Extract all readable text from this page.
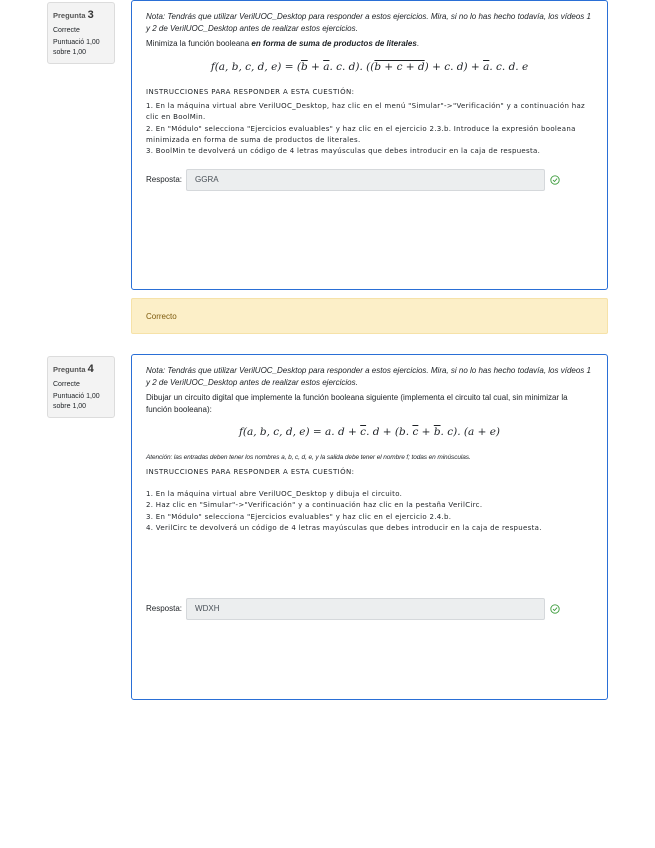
Pregunta 3
Correcte
Puntuació 1,00
sobre 1,00

Nota: Tendrás que utilizar VerilUOC_Desktop para responder a estos ejercicios. Mira, si no lo has hecho todavía, los vídeos 1 y 2 de VerilUOC_Desktop antes de realizar estos ejercicios.

Minimiza la función booleana en forma de suma de productos de literales.

f(a, b, c, d, $e) = (\overline{b} + \overline{a}$. c. d). ((b + c + d) + c. $d) + \overline{a}$. c. d. e
INSTRUCCIONES PARA RESPONDER A ESTA CUESTIÓN:
1. En la máquina virtual abre VerilUOC_Desktop, haz clic en el menú "Simular"->"Verificación" y a continuación haz clic en BoolMin.
2. En "Módulo" selecciona "Ejercicios evaluables" y haz clic en el ejercicio 2.3.b. Introduce la expresión booleana minimizada en forma de suma de productos de literales.
3. BoolMin te devolverá un código de 4 letras mayúsculas que debes introducir en la caja de respuesta.
Resposta:	GGRA
Correcto
Pregunta 4
Correcte
Puntuació 1,00
sobre 1,00

Nota: Tendrás que utilizar VerilUOC_Desktop para responder a estos ejercicios. Mira, si no lo has hecho todavía, los vídeos 1 y 2 de VerilUOC_Desktop antes de realizar estos ejercicios.

Dibujar un circuito digital que implemente la función booleana siguiente (implementa el circuito tal cual, sin minimizar la función booleana):

f(a, b, c, d, e) = a. $d + \overline{c}$. d + (b. $\overline{c} + \overline{b}$. c). (a + e)

Atención: las entradas deben tener los nombres a, b, c, d, e, y la salida debe tener el nombre f; todas en minúsculas.

INSTRUCCIONES PARA RESPONDER A ESTA CUESTIÓN:
1. En la máquina virtual abre VerilUOC_Desktop y dibuja el circuito.
2. Haz clic en "Simular"->"Verificación" y a continuación haz clic en la pestaña VerilCirc.
3. En "Módulo" selecciona "Ejercicios evaluables" y haz clic en el ejercicio 2.4.b.
4. VerilCirc te devolverá un código de 4 letras mayúsculas que debes introducir en la caja de respuesta.
Resposta:	WDXH
